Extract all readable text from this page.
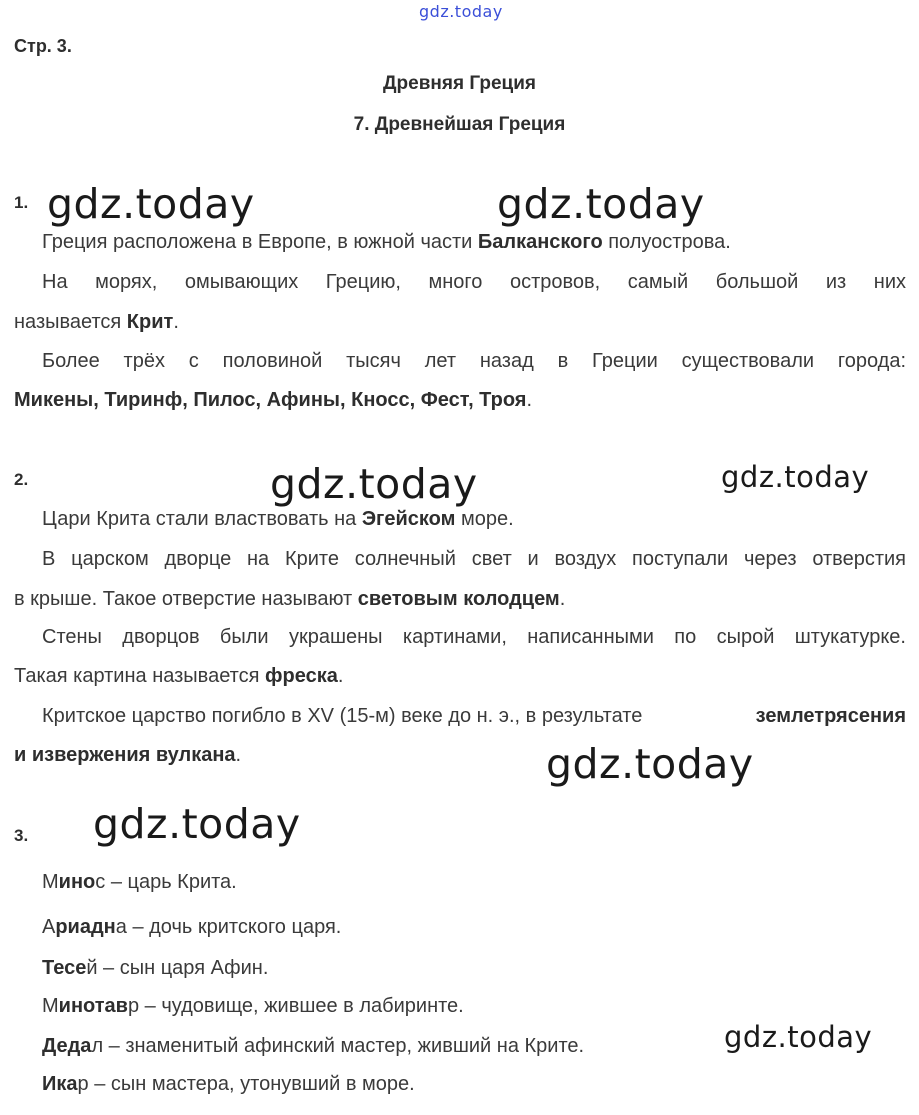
gdz.today
gdz.today	gdz.today
gdz.today	gdz.today
gdz.today
gdz.today
gdz.today
Стр. 3.
Древняя Греция
7. Древнейшая Греция
1.
Греция расположена в Европе, в южной части Балканского полуострова.
На морях, омывающих Грецию, много островов, самый большой из них
называется Крит.
Более трёх с половиной тысяч лет назад в Греции существовали города:
Микены, Тиринф, Пилос, Афины, Кносс, Фест, Троя.
2.
Цари Крита стали властвовать на Эгейском море.
В царском дворце на Крите солнечный свет и воздух поступали через отверстия
в крыше. Такое отверстие называют световым колодцем.
Стены дворцов были украшены картинами, написанными по сырой штукатурке.
Такая картина называется фреска.
Критское царство погибло в XV (15-м) веке до н. э., в результате	землетрясения
и извержения вулкана.
3.
Минос – царь Крита.
Ариадна – дочь критского царя.
Тесей – сын царя Афин.
Минотавр – чудовище, жившее в лабиринте.
Дедал – знаменитый афинский мастер, живший на Крите.
Икар – сын мастера, утонувший в море.
